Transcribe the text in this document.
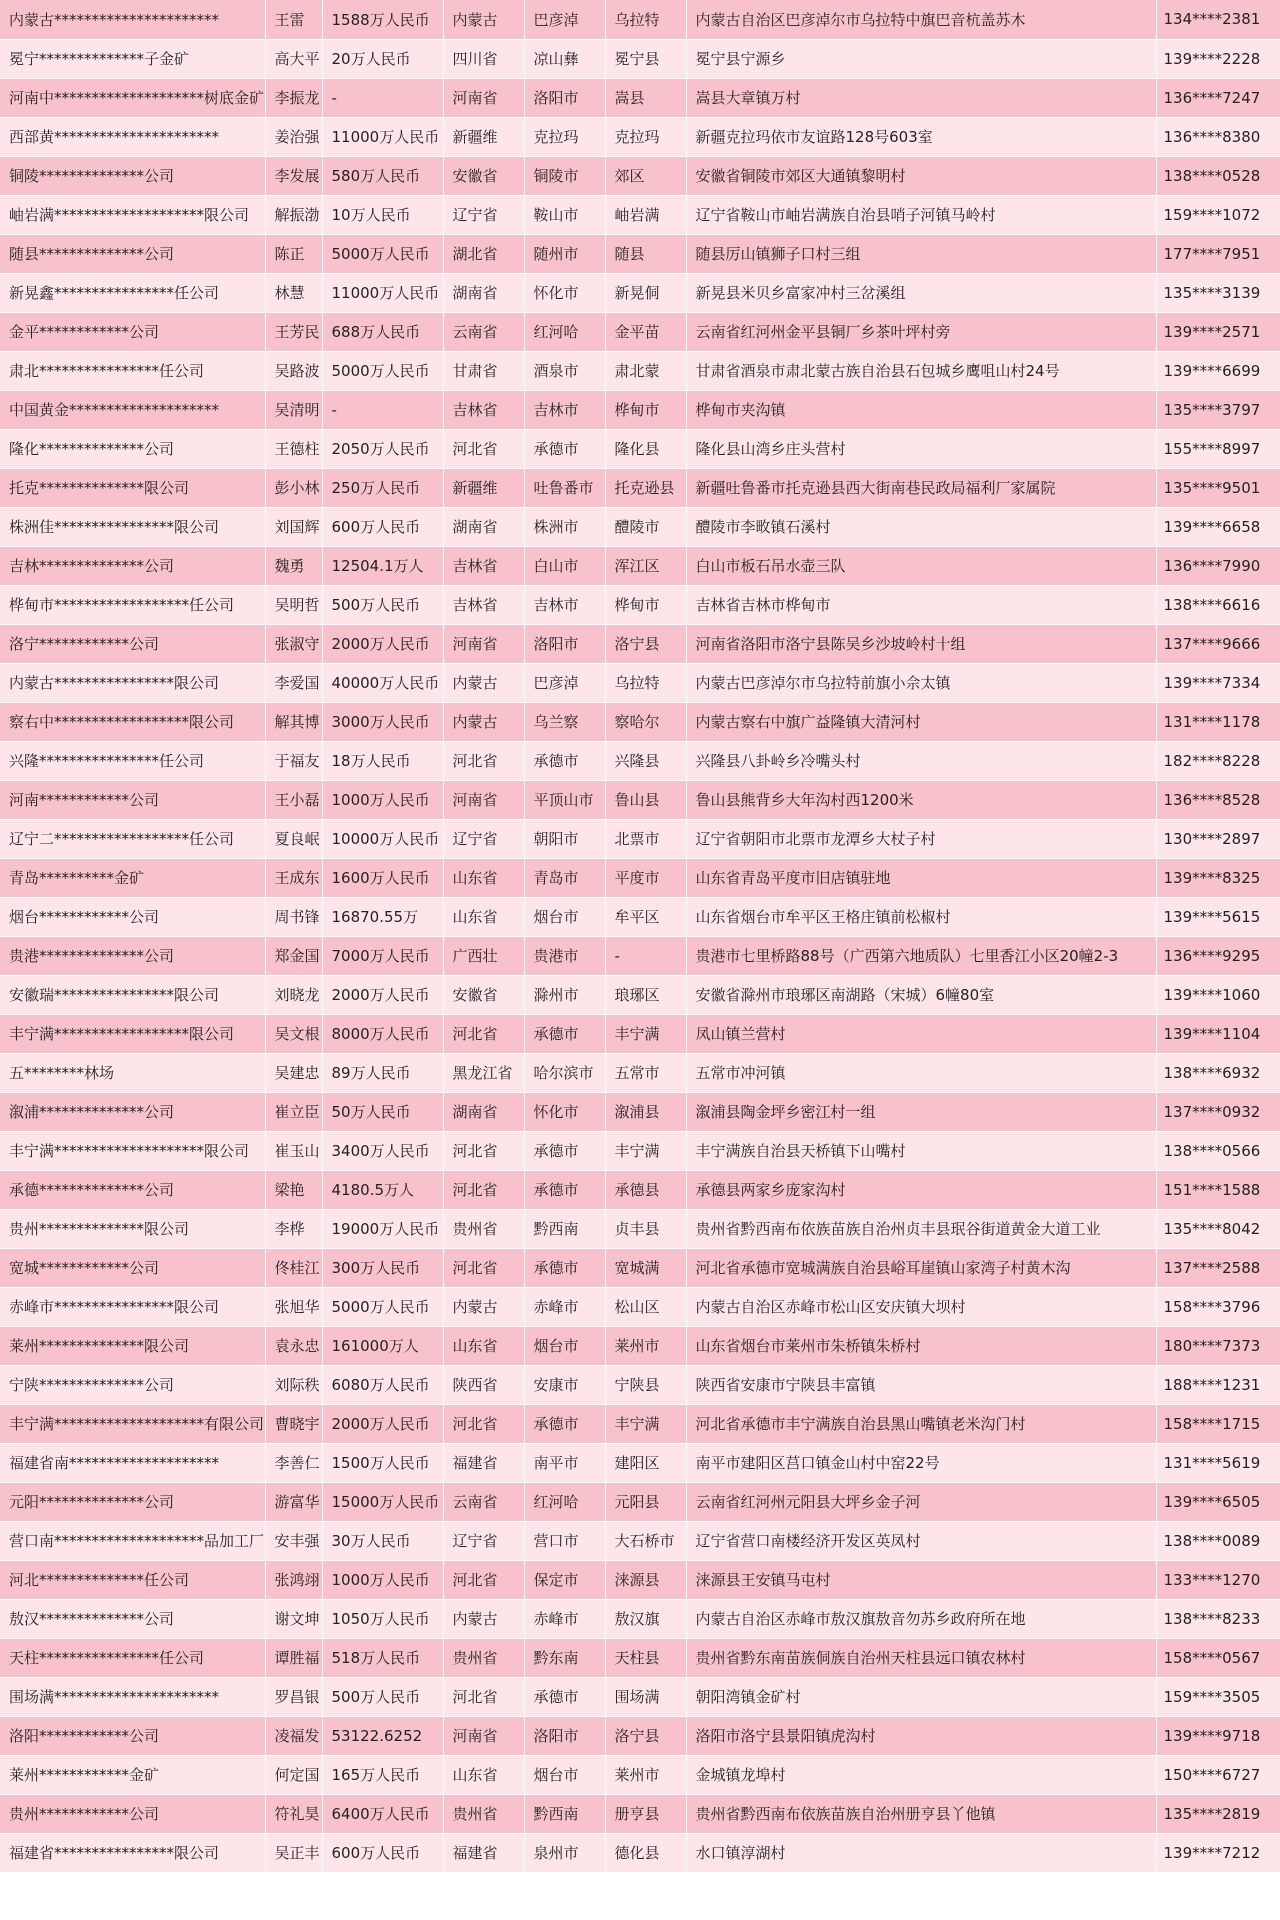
内蒙古**********************	王雷	1588万人民币	内蒙古	巴彦淖	乌拉特	内蒙古自治区巴彦淖尔市乌拉特中旗巴音杭盖苏木	134****2381
冕宁**************子金矿	高大平	20万人民币	四川省	凉山彝	冕宁县	冕宁县宁源乡	139****2228
河南中********************树底金矿	李振龙	-	河南省	洛阳市	嵩县	嵩县大章镇万村	136****7247
西部黄**********************	姜治强	11000万人民币	新疆维	克拉玛	克拉玛	新疆克拉玛依市友谊路128号603室	136****8380
铜陵**************公司	李发展	580万人民币	安徽省	铜陵市	郊区	安徽省铜陵市郊区大通镇黎明村	138****0528
岫岩满********************限公司	解振渤	10万人民币	辽宁省	鞍山市	岫岩满	辽宁省鞍山市岫岩满族自治县哨子河镇马岭村	159****1072
随县**************公司	陈正	5000万人民币	湖北省	随州市	随县	随县厉山镇狮子口村三组	177****7951
新晃鑫****************任公司	林慧	11000万人民币	湖南省	怀化市	新晃侗	新晃县米贝乡富家冲村三岔溪组	135****3139
金平************公司	王芳民	688万人民币	云南省	红河哈	金平苗	云南省红河州金平县铜厂乡茶叶坪村旁	139****2571
肃北****************任公司	吴路波	5000万人民币	甘肃省	酒泉市	肃北蒙	甘肃省酒泉市肃北蒙古族自治县石包城乡鹰咀山村24号	139****6699
中国黄金********************	吴清明	-	吉林省	吉林市	桦甸市	桦甸市夹沟镇	135****3797
隆化**************公司	王德柱	2050万人民币	河北省	承德市	隆化县	隆化县山湾乡庄头营村	155****8997
托克**************限公司	彭小林	250万人民币	新疆维	吐鲁番市	托克逊县	新疆吐鲁番市托克逊县西大街南巷民政局福利厂家属院	135****9501
株洲佳****************限公司	刘国辉	600万人民币	湖南省	株洲市	醴陵市	醴陵市李畋镇石溪村	139****6658
吉林**************公司	魏勇	12504.1万人	吉林省	白山市	浑江区	白山市板石吊水壶三队	136****7990
桦甸市******************任公司	吴明哲	500万人民币	吉林省	吉林市	桦甸市	吉林省吉林市桦甸市	138****6616
洛宁************公司	张淑守	2000万人民币	河南省	洛阳市	洛宁县	河南省洛阳市洛宁县陈吴乡沙坡岭村十组	137****9666
内蒙古****************限公司	李爱国	40000万人民币	内蒙古	巴彦淖	乌拉特	内蒙古巴彦淖尔市乌拉特前旗小佘太镇	139****7334
察右中******************限公司	解其博	3000万人民币	内蒙古	乌兰察	察哈尔	内蒙古察右中旗广益隆镇大清河村	131****1178
兴隆****************任公司	于福友	18万人民币	河北省	承德市	兴隆县	兴隆县八卦岭乡冷嘴头村	182****8228
河南************公司	王小磊	1000万人民币	河南省	平顶山市	鲁山县	鲁山县熊背乡大年沟村西1200米	136****8528
辽宁二******************任公司	夏良岷	10000万人民币	辽宁省	朝阳市	北票市	辽宁省朝阳市北票市龙潭乡大杖子村	130****2897
青岛**********金矿	王成东	1600万人民币	山东省	青岛市	平度市	山东省青岛平度市旧店镇驻地	139****8325
烟台************公司	周书锋	16870.55万	山东省	烟台市	牟平区	山东省烟台市牟平区王格庄镇前松椒村	139****5615
贵港**************公司	郑金国	7000万人民币	广西壮	贵港市	-	贵港市七里桥路88号（广西第六地质队）七里香江小区20幢2-3	136****9295
安徽瑞****************限公司	刘晓龙	2000万人民币	安徽省	滁州市	琅琊区	安徽省滁州市琅琊区南湖路（宋城）6幢80室	139****1060
丰宁满******************限公司	吴文根	8000万人民币	河北省	承德市	丰宁满	凤山镇兰营村	139****1104
五********林场	吴建忠	89万人民币	黑龙江省	哈尔滨市	五常市	五常市冲河镇	138****6932
溆浦**************公司	崔立臣	50万人民币	湖南省	怀化市	溆浦县	溆浦县陶金坪乡密江村一组	137****0932
丰宁满********************限公司	崔玉山	3400万人民币	河北省	承德市	丰宁满	丰宁满族自治县天桥镇下山嘴村	138****0566
承德**************公司	梁艳	4180.5万人	河北省	承德市	承德县	承德县两家乡庞家沟村	151****1588
贵州**************限公司	李桦	19000万人民币	贵州省	黔西南	贞丰县	贵州省黔西南布依族苗族自治州贞丰县珉谷街道黄金大道工业	135****8042
宽城************公司	佟桂江	300万人民币	河北省	承德市	宽城满	河北省承德市宽城满族自治县峪耳崖镇山家湾子村黄木沟	137****2588
赤峰市****************限公司	张旭华	5000万人民币	内蒙古	赤峰市	松山区	内蒙古自治区赤峰市松山区安庆镇大坝村	158****3796
莱州**************限公司	袁永忠	161000万人	山东省	烟台市	莱州市	山东省烟台市莱州市朱桥镇朱桥村	180****7373
宁陕**************公司	刘际秩	6080万人民币	陕西省	安康市	宁陕县	陕西省安康市宁陕县丰富镇	188****1231
丰宁满********************有限公司	曹晓宇	2000万人民币	河北省	承德市	丰宁满	河北省承德市丰宁满族自治县黑山嘴镇老米沟门村	158****1715
福建省南********************	李善仁	1500万人民币	福建省	南平市	建阳区	南平市建阳区莒口镇金山村中窑22号	131****5619
元阳**************公司	游富华	15000万人民币	云南省	红河哈	元阳县	云南省红河州元阳县大坪乡金子河	139****6505
营口南********************品加工厂	安丰强	30万人民币	辽宁省	营口市	大石桥市	辽宁省营口南楼经济开发区英凤村	138****0089
河北**************任公司	张鸿翊	1000万人民币	河北省	保定市	涞源县	涞源县王安镇马屯村	133****1270
敖汉**************公司	谢文坤	1050万人民币	内蒙古	赤峰市	敖汉旗	内蒙古自治区赤峰市敖汉旗敖音勿苏乡政府所在地	138****8233
天柱****************任公司	谭胜福	518万人民币	贵州省	黔东南	天柱县	贵州省黔东南苗族侗族自治州天柱县远口镇农林村	158****0567
围场满**********************	罗昌银	500万人民币	河北省	承德市	围场满	朝阳湾镇金矿村	159****3505
洛阳************公司	凌福发	53122.6252	河南省	洛阳市	洛宁县	洛阳市洛宁县景阳镇虎沟村	139****9718
莱州************金矿	何定国	165万人民币	山东省	烟台市	莱州市	金城镇龙埠村	150****6727
贵州************公司	符礼昊	6400万人民币	贵州省	黔西南	册亨县	贵州省黔西南布依族苗族自治州册亨县丫他镇	135****2819
福建省****************限公司	吴正丰	600万人民币	福建省	泉州市	德化县	水口镇淳湖村	139****7212
